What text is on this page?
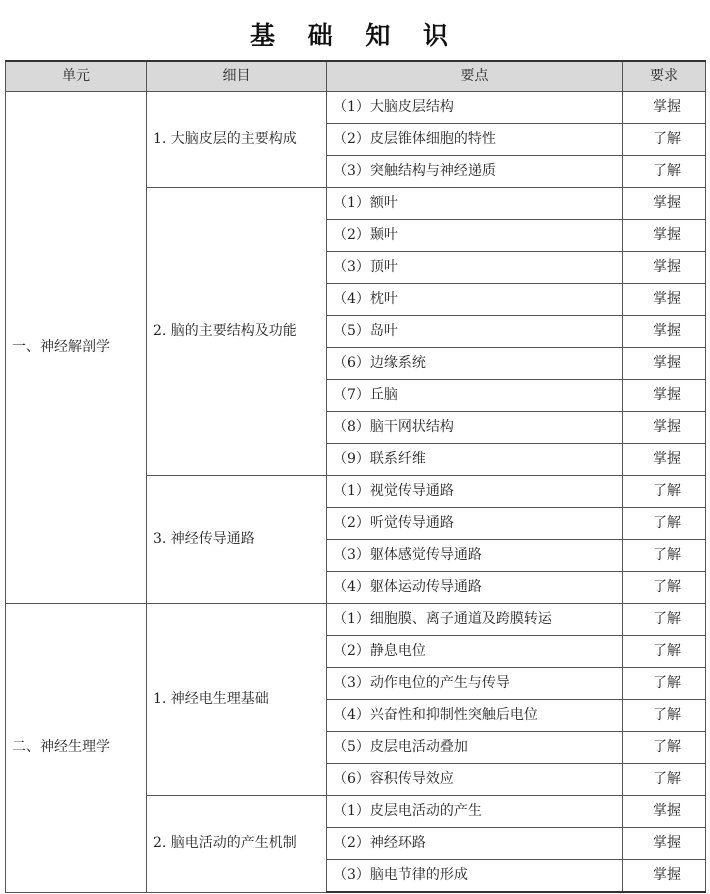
基 础 知 识
单元	细目	要点	要求
一、神经解剖学	1. 大脑皮层的主要构成	（1）大脑皮层结构	掌握
		（2）皮层锥体细胞的特性	了解
		（3）突触结构与神经递质	了解
	2. 脑的主要结构及功能	（1）额叶	掌握
		（2）颞叶	掌握
		（3）顶叶	掌握
		（4）枕叶	掌握
		（5）岛叶	掌握
		（6）边缘系统	掌握
		（7）丘脑	掌握
		（8）脑干网状结构	掌握
		（9）联系纤维	掌握
	3. 神经传导通路	（1）视觉传导通路	了解
		（2）听觉传导通路	了解
		（3）躯体感觉传导通路	了解
		（4）躯体运动传导通路	了解
二、神经生理学	1. 神经电生理基础	（1）细胞膜、离子通道及跨膜转运	了解
		（2）静息电位	了解
		（3）动作电位的产生与传导	了解
		（4）兴奋性和抑制性突触后电位	了解
		（5）皮层电活动叠加	了解
		（6）容积传导效应	了解
	2. 脑电活动的产生机制	（1）皮层电活动的产生	掌握
		（2）神经环路	掌握
		（3）脑电节律的形成	掌握
